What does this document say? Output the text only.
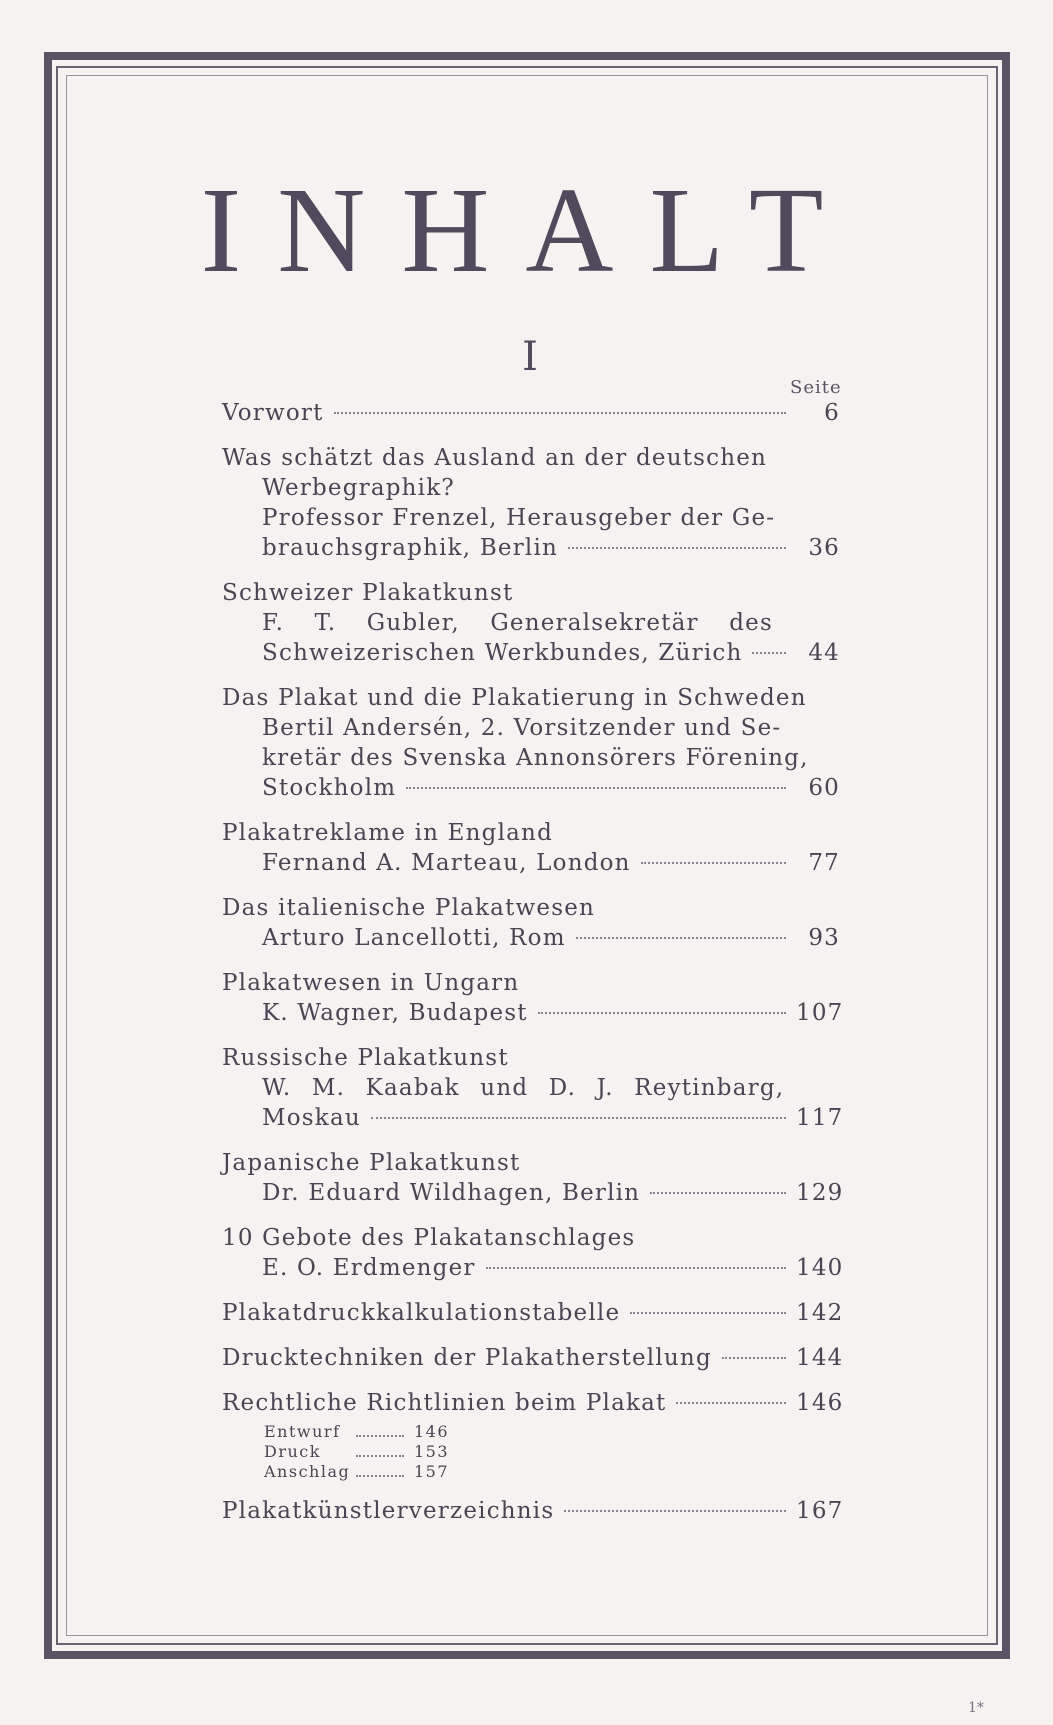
INHALT
I
Seite
Vorwort	6
Was schätzt das Ausland an der deutschen
Werbegraphik?
Professor Frenzel, Herausgeber der Ge-
brauchsgraphik, Berlin	36
Schweizer Plakatkunst
F. T. Gubler, Generalsekretär des
Schweizerischen Werkbundes, Zürich	44
Das Plakat und die Plakatierung in Schweden
Bertil Andersén, 2. Vorsitzender und Se-
kretär des Svenska Annonsörers Förening,
Stockholm	60
Plakatreklame in England
Fernand A. Marteau, London	77
Das italienische Plakatwesen
Arturo Lancellotti, Rom	93
Plakatwesen in Ungarn
K. Wagner, Budapest	107
Russische Plakatkunst
W. M. Kaabak und D. J. Reytinbarg,
Moskau	117
Japanische Plakatkunst
Dr. Eduard Wildhagen, Berlin	129
10 Gebote des Plakatanschlages
E. O. Erdmenger	140
Plakatdruckkalkulationstabelle	142
Drucktechniken der Plakatherstellung	144
Rechtliche Richtlinien beim Plakat	146
Entwurf	146
Druck	153
Anschlag	157
Plakatkünstlerverzeichnis	167
1*
